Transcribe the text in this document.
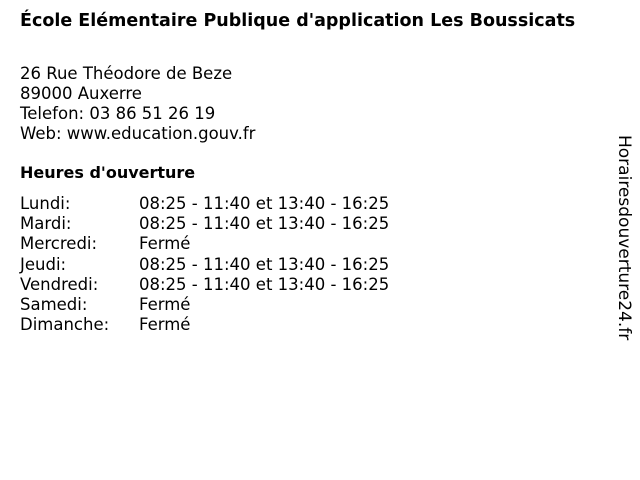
École Elémentaire Publique d'application Les Boussicats
26 Rue Théodore de Beze
89000 Auxerre
Telefon: 03 86 51 26 19
Web: www.education.gouv.fr
Heures d'ouverture
Lundi:	08:25 - 11:40 et 13:40 - 16:25
Mardi:	08:25 - 11:40 et 13:40 - 16:25
Mercredi:	Fermé
Jeudi:	08:25 - 11:40 et 13:40 - 16:25
Vendredi:	08:25 - 11:40 et 13:40 - 16:25
Samedi:	Fermé
Dimanche:	Fermé	Horairesdouverture24.fr
